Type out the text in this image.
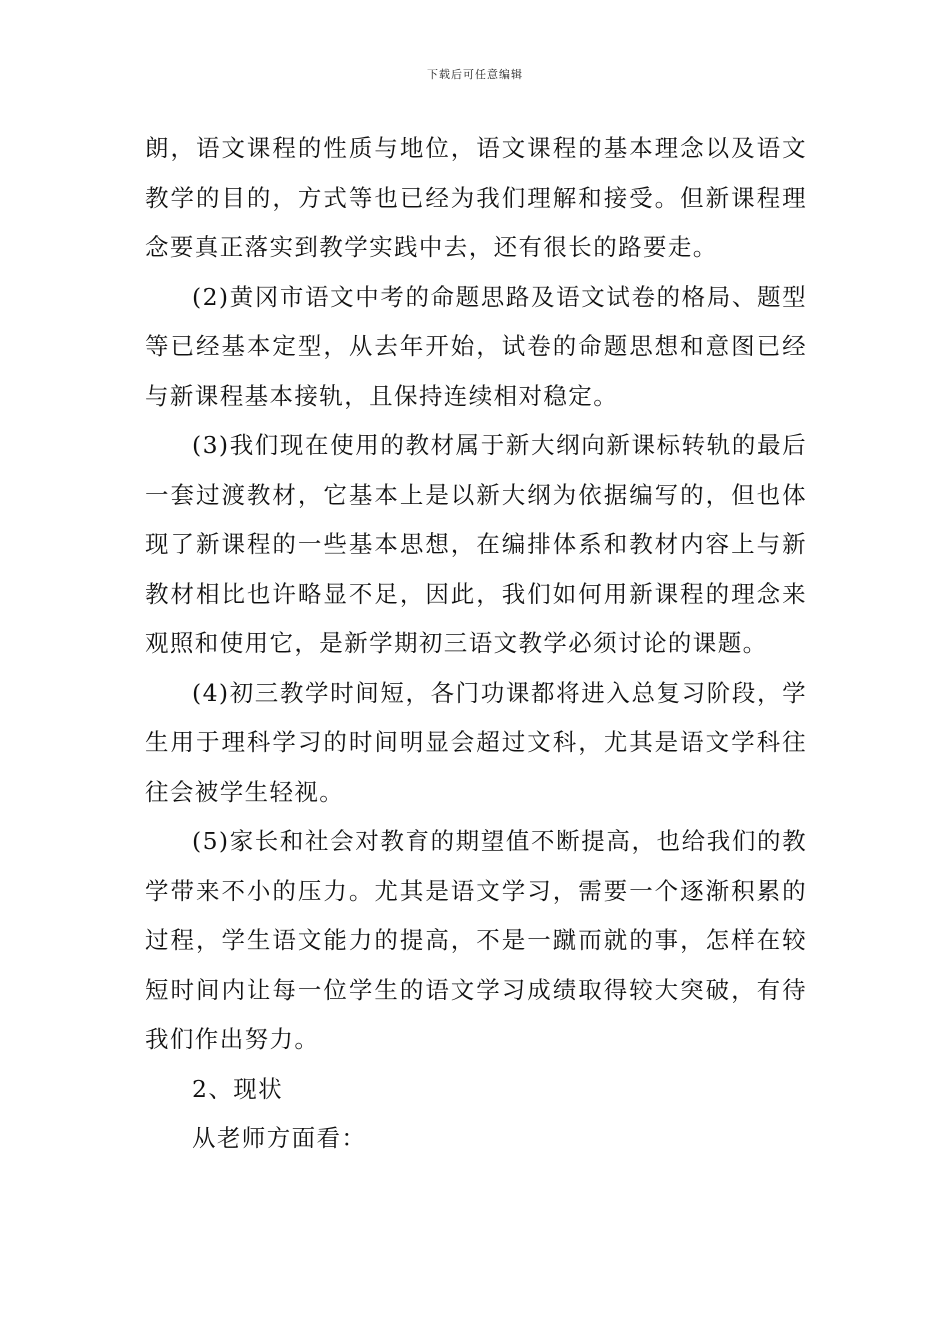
下载后可任意编辑

朗，语文课程的性质与地位，语文课程的基本理念以及语文教学的目的，方式等也已经为我们理解和接受。但新课程理念要真正落实到教学实践中去，还有很长的路要走。

(2)黄冈市语文中考的命题思路及语文试卷的格局、题型等已经基本定型，从去年开始，试卷的命题思想和意图已经与新课程基本接轨，且保持连续相对稳定。

(3)我们现在使用的教材属于新大纲向新课标转轨的最后一套过渡教材，它基本上是以新大纲为依据编写的，但也体现了新课程的一些基本思想，在编排体系和教材内容上与新教材相比也许略显不足，因此，我们如何用新课程的理念来观照和使用它，是新学期初三语文教学必须讨论的课题。

(4)初三教学时间短，各门功课都将进入总复习阶段，学生用于理科学习的时间明显会超过文科，尤其是语文学科往往会被学生轻视。

(5)家长和社会对教育的期望值不断提高，也给我们的教学带来不小的压力。尤其是语文学习，需要一个逐渐积累的过程，学生语文能力的提高，不是一蹴而就的事，怎样在较短时间内让每一位学生的语文学习成绩取得较大突破，有待我们作出努力。

2、现状

从老师方面看：
